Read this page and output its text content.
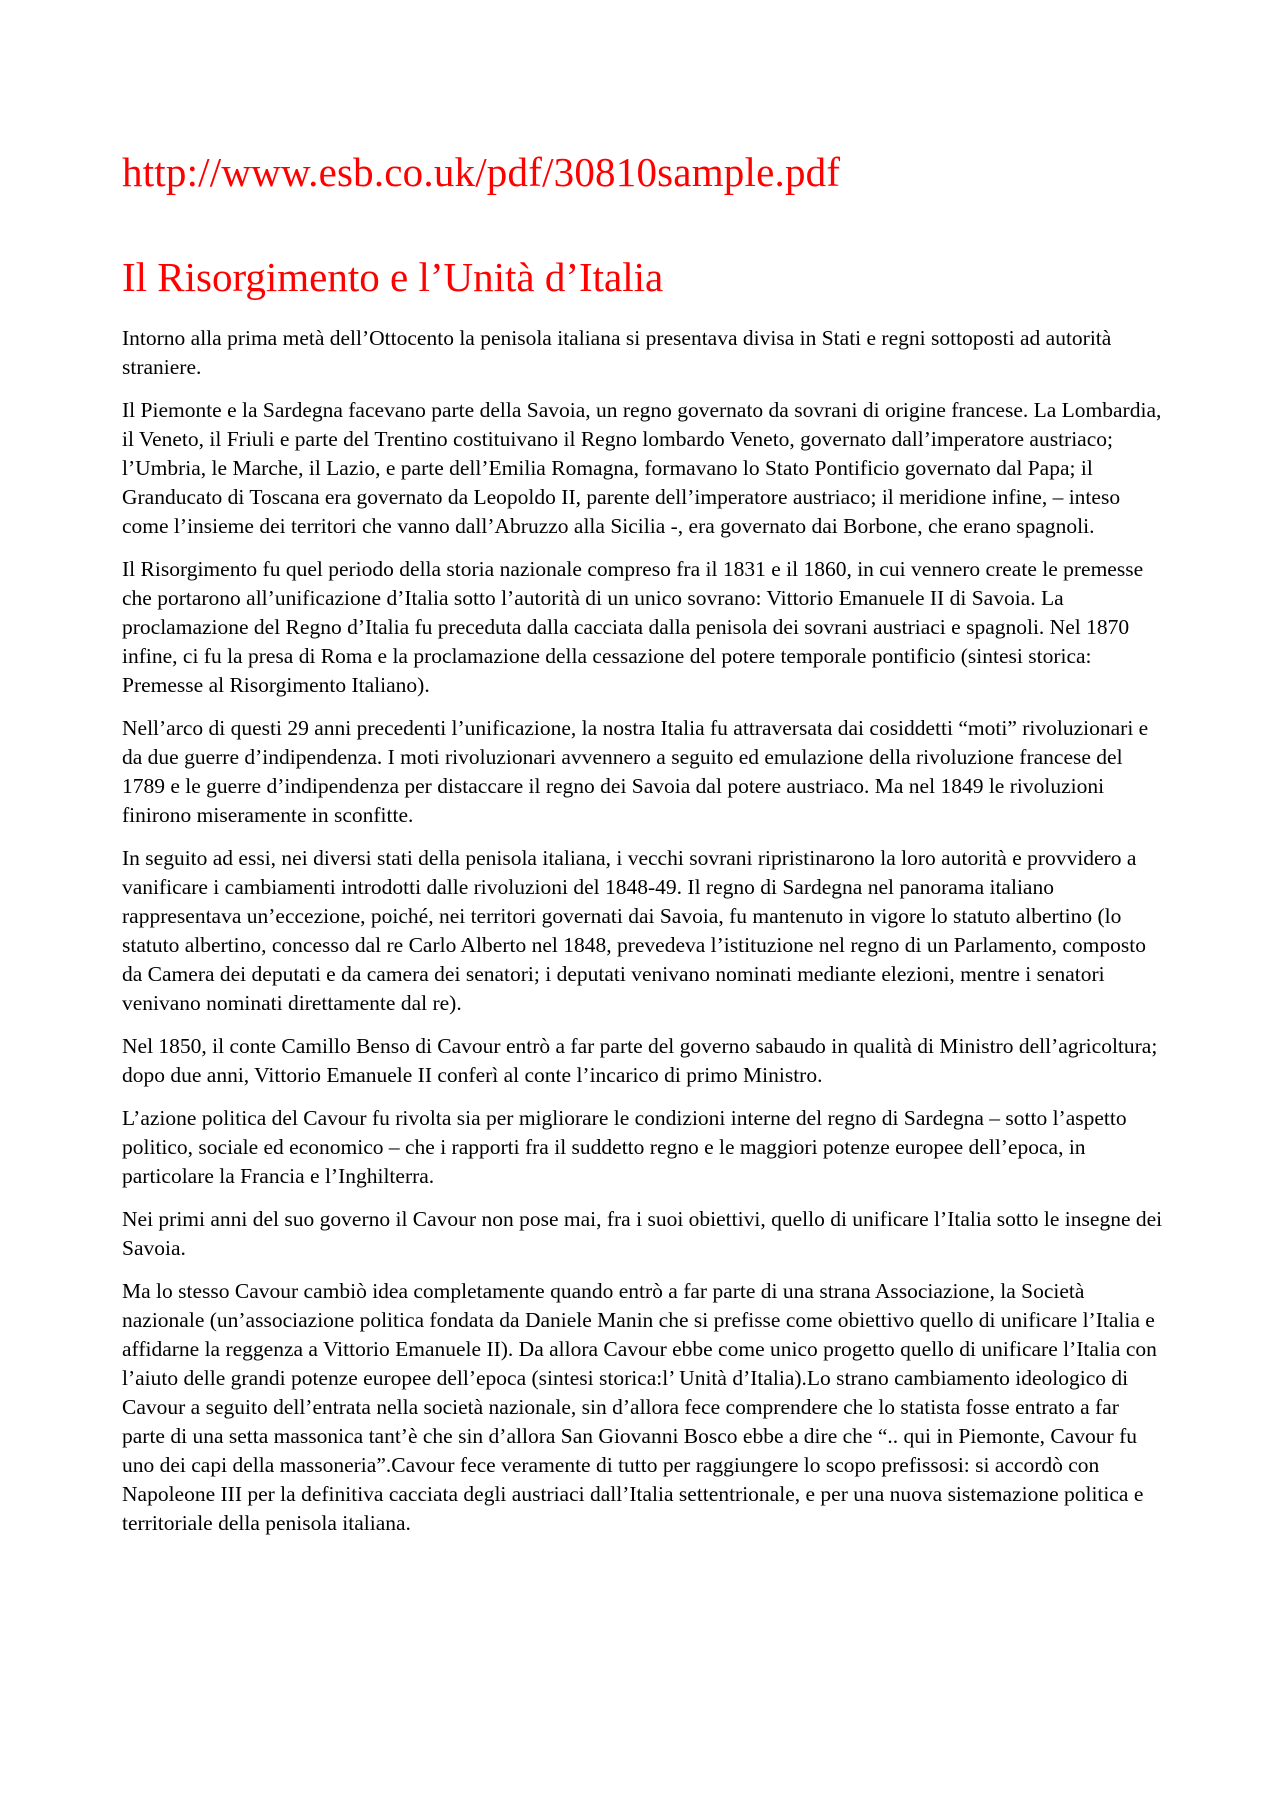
http://www.esb.co.uk/pdf/30810sample.pdf
Il Risorgimento e l’Unità d’Italia

Intorno alla prima metà dell’Ottocento la penisola italiana si presentava divisa in Stati e regni sottoposti ad autorità straniere.

Il Piemonte e la Sardegna facevano parte della Savoia, un regno governato da sovrani di origine francese. La Lombardia, il Veneto, il Friuli e parte del Trentino costituivano il Regno lombardo Veneto, governato dall’imperatore austriaco; l’Umbria, le Marche, il Lazio, e parte dell’Emilia Romagna, formavano lo Stato Pontificio governato dal Papa; il Granducato di Toscana era governato da Leopoldo II, parente dell’imperatore austriaco; il meridione infine, – inteso come l’insieme dei territori che vanno dall’Abruzzo alla Sicilia -, era governato dai Borbone, che erano spagnoli.

Il Risorgimento fu quel periodo della storia nazionale compreso fra il 1831 e il 1860, in cui vennero create le premesse che portarono all’unificazione d’Italia sotto l’autorità di un unico sovrano: Vittorio Emanuele II di Savoia. La proclamazione del Regno d’Italia fu preceduta dalla cacciata dalla penisola dei sovrani austriaci e spagnoli. Nel 1870 infine, ci fu la presa di Roma e la proclamazione della cessazione del potere temporale pontificio (sintesi storica: Premesse al Risorgimento Italiano).

Nell’arco di questi 29 anni precedenti l’unificazione, la nostra Italia fu attraversata dai cosiddetti “moti” rivoluzionari e da due guerre d’indipendenza. I moti rivoluzionari avvennero a seguito ed emulazione della rivoluzione francese del 1789 e le guerre d’indipendenza per distaccare il regno dei Savoia dal potere austriaco. Ma nel 1849 le rivoluzioni finirono miseramente in sconfitte.

In seguito ad essi, nei diversi stati della penisola italiana, i vecchi sovrani ripristinarono la loro autorità e provvidero a vanificare i cambiamenti introdotti dalle rivoluzioni del 1848-49. Il regno di Sardegna nel panorama italiano rappresentava un’eccezione, poiché, nei territori governati dai Savoia, fu mantenuto in vigore lo statuto albertino (lo statuto albertino, concesso dal re Carlo Alberto nel 1848, prevedeva l’istituzione nel regno di un Parlamento, composto da Camera dei deputati e da camera dei senatori; i deputati venivano nominati mediante elezioni, mentre i senatori venivano nominati direttamente dal re).

Nel 1850, il conte Camillo Benso di Cavour entrò a far parte del governo sabaudo in qualità di Ministro dell’agricoltura; dopo due anni, Vittorio Emanuele II conferì al conte l’incarico di primo Ministro.

L’azione politica del Cavour fu rivolta sia per migliorare le condizioni interne del regno di Sardegna – sotto l’aspetto politico, sociale ed economico – che i rapporti fra il suddetto regno e le maggiori potenze europee dell’epoca, in particolare la Francia e l’Inghilterra.

Nei primi anni del suo governo il Cavour non pose mai, fra i suoi obiettivi, quello di unificare l’Italia sotto le insegne dei Savoia.

Ma lo stesso Cavour cambiò idea completamente quando entrò a far parte di una strana Associazione, la Società nazionale (un’associazione politica fondata da Daniele Manin che si prefisse come obiettivo quello di unificare l’Italia e affidarne la reggenza a Vittorio Emanuele II). Da allora Cavour ebbe come unico progetto quello di unificare l’Italia con l’aiuto delle grandi potenze europee dell’epoca (sintesi storica:l’ Unità d’Italia).Lo strano cambiamento ideologico di Cavour a seguito dell’entrata nella società nazionale, sin d’allora fece comprendere che lo statista fosse entrato a far parte di una setta massonica tant’è che sin d’allora San Giovanni Bosco ebbe a dire che “.. qui in Piemonte, Cavour fu uno dei capi della massoneria”.Cavour fece veramente di tutto per raggiungere lo scopo prefissosi: si accordò con Napoleone III per la definitiva cacciata degli austriaci dall’Italia settentrionale, e per una nuova sistemazione politica e territoriale della penisola italiana.
